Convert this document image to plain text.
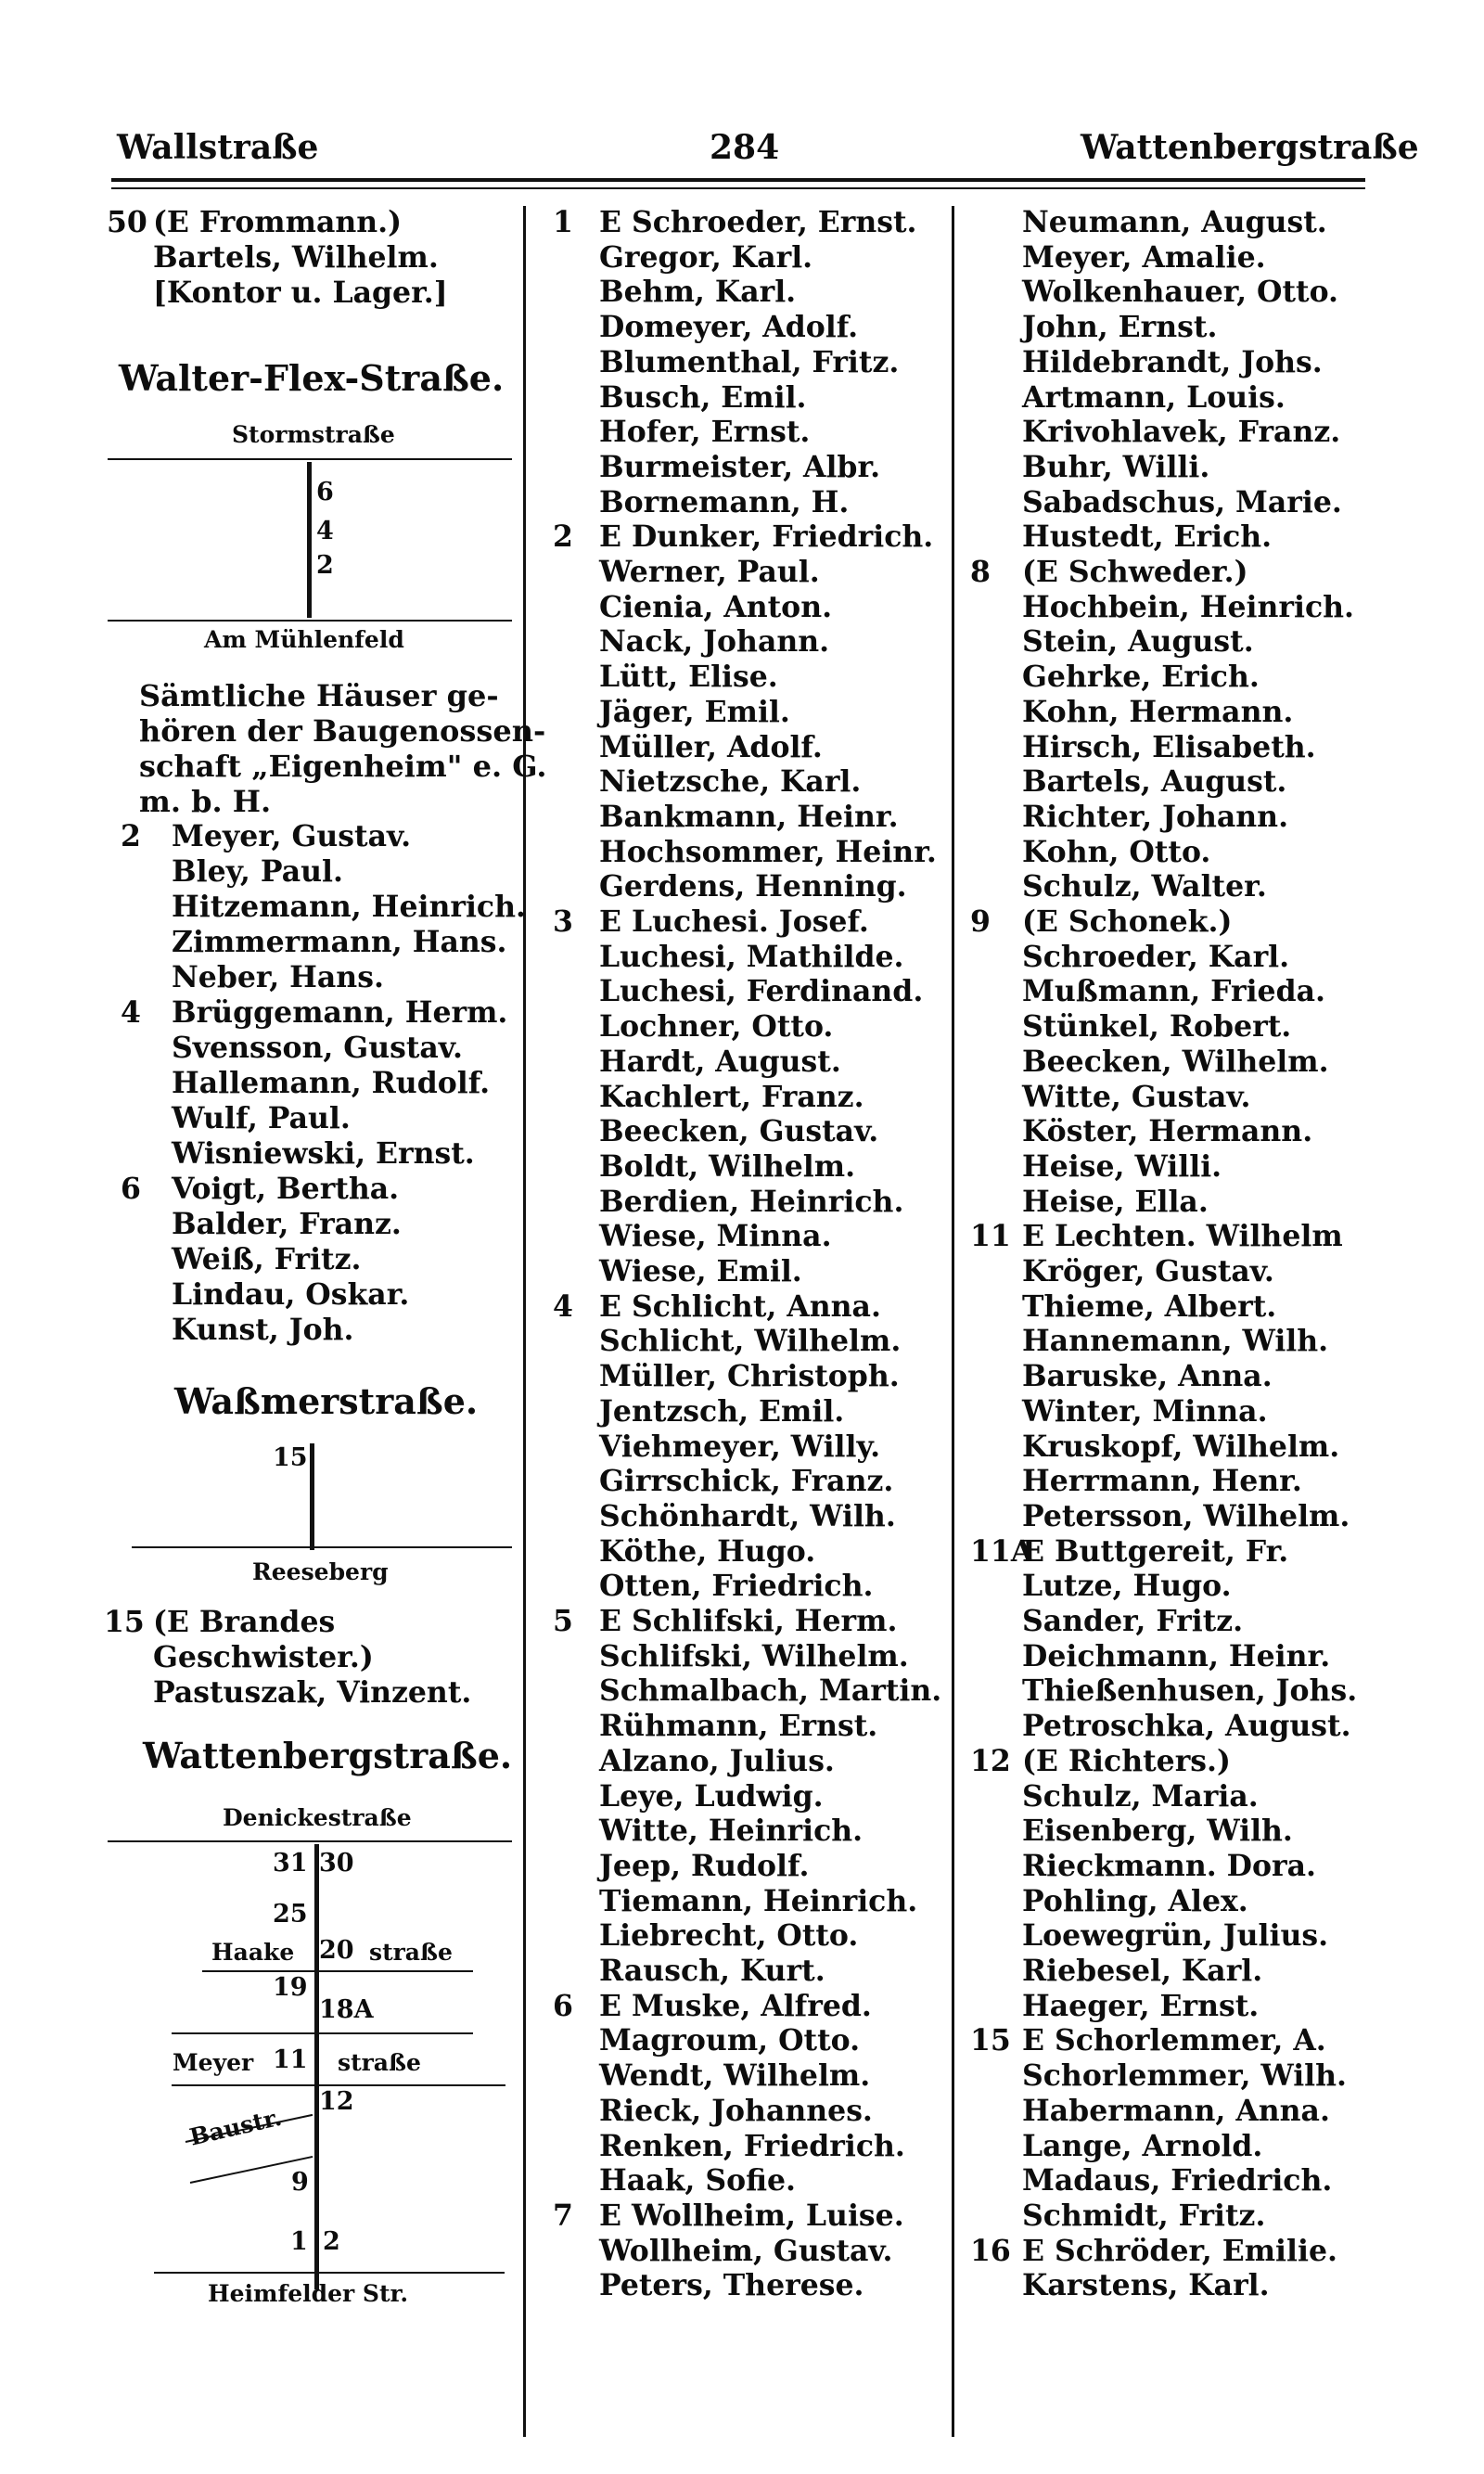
Wallstraße	284	Wattenbergstraße
50 (E Frommann.)
Bartels, Wilhelm.
[Kontor u. Lager.]
Walter-Flex-Straße.
Stormstraße
6
4
2
Am Mühlenfeld
Sämtliche Häuser ge-
hören der Baugenossen-
schaft „Eigenheim" e. G.
m. b. H.
2 Meyer, Gustav.
Bley, Paul.
Hitzemann, Heinrich.
Zimmermann, Hans.
Neber, Hans.
4 Brüggemann, Herm.
Svensson, Gustav.
Hallemann, Rudolf.
Wulf, Paul.
Wisniewski, Ernst.
6 Voigt, Bertha.
Balder, Franz.
Weiß, Fritz.
Lindau, Oskar.
Kunst, Joh.
Waßmerstraße.
15
Reeseberg
15 (E Brandes
Geschwister.)
Pastuszak, Vinzent.
Wattenbergstraße.
Denickestraße
31 30
25
Haake 20 straße
19
18A
Meyer 11 straße
12
Baustr.
9
1 2
Heimfelder Str.
1 E Schroeder, Ernst.
Gregor, Karl.
Behm, Karl.
Domeyer, Adolf.
Blumenthal, Fritz.
Busch, Emil.
Hofer, Ernst.
Burmeister, Albr.
Bornemann, H.
2 E Dunker, Friedrich.
Werner, Paul.
Cienia, Anton.
Nack, Johann.
Lütt, Elise.
Jäger, Emil.
Müller, Adolf.
Nietzsche, Karl.
Bankmann, Heinr.
Hochsommer, Heinr.
Gerdens, Henning.
3 E Luchesi. Josef.
Luchesi, Mathilde.
Luchesi, Ferdinand.
Lochner, Otto.
Hardt, August.
Kachlert, Franz.
Beecken, Gustav.
Boldt, Wilhelm.
Berdien, Heinrich.
Wiese, Minna.
Wiese, Emil.
4 E Schlicht, Anna.
Schlicht, Wilhelm.
Müller, Christoph.
Jentzsch, Emil.
Viehmeyer, Willy.
Girrschick, Franz.
Schönhardt, Wilh.
Köthe, Hugo.
Otten, Friedrich.
5 E Schlifski, Herm.
Schlifski, Wilhelm.
Schmalbach, Martin.
Rühmann, Ernst.
Alzano, Julius.
Leye, Ludwig.
Witte, Heinrich.
Jeep, Rudolf.
Tiemann, Heinrich.
Liebrecht, Otto.
Rausch, Kurt.
6 E Muske, Alfred.
Magroum, Otto.
Wendt, Wilhelm.
Rieck, Johannes.
Renken, Friedrich.
Haak, Sofie.
7 E Wollheim, Luise.
Wollheim, Gustav.
Peters, Therese.
Neumann, August.
Meyer, Amalie.
Wolkenhauer, Otto.
John, Ernst.
Hildebrandt, Johs.
Artmann, Louis.
Krivohlavek, Franz.
Buhr, Willi.
Sabadschus, Marie.
Hustedt, Erich.
8 (E Schweder.)
Hochbein, Heinrich.
Stein, August.
Gehrke, Erich.
Kohn, Hermann.
Hirsch, Elisabeth.
Bartels, August.
Richter, Johann.
Kohn, Otto.
Schulz, Walter.
9 (E Schonek.)
Schroeder, Karl.
Mußmann, Frieda.
Stünkel, Robert.
Beecken, Wilhelm.
Witte, Gustav.
Köster, Hermann.
Heise, Willi.
Heise, Ella.
11 E Lechten. Wilhelm
Kröger, Gustav.
Thieme, Albert.
Hannemann, Wilh.
Baruske, Anna.
Winter, Minna.
Kruskopf, Wilhelm.
Herrmann, Henr.
Petersson, Wilhelm.
11A
E Buttgereit, Fr.
Lutze, Hugo.
Sander, Fritz.
Deichmann, Heinr.
Thießenhusen, Johs.
Petroschka, August.
12 (E Richters.)
Schulz, Maria.
Eisenberg, Wilh.
Rieckmann. Dora.
Pohling, Alex.
Loewegrün, Julius.
Riebesel, Karl.
Haeger, Ernst.
15 E Schorlemmer, A.
Schorlemmer, Wilh.
Habermann, Anna.
Lange, Arnold.
Madaus, Friedrich.
Schmidt, Fritz.
16 E Schröder, Emilie.
Karstens, Karl.
